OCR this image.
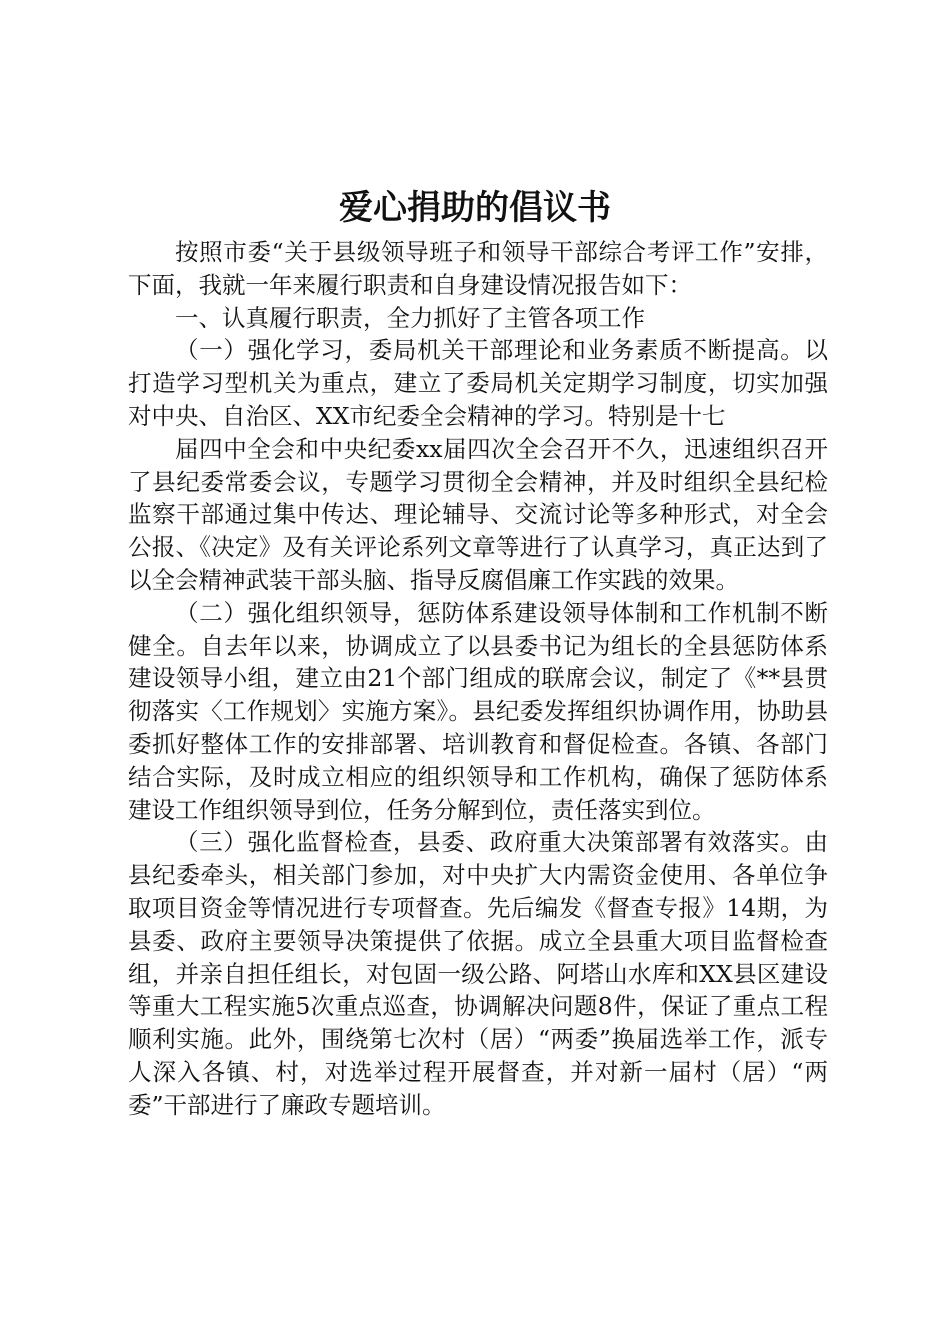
爱心捐助的倡议书

按照市委“关于县级领导班子和领导干部综合考评工作”安排，下面，我就一年来履行职责和自身建设情况报告如下：

一、认真履行职责，全力抓好了主管各项工作

（一）强化学习，委局机关干部理论和业务素质不断提高。以打造学习型机关为重点，建立了委局机关定期学习制度，切实加强对中央、自治区、XX市纪委全会精神的学习。特别是十七

届四中全会和中央纪委xx届四次全会召开不久，迅速组织召开了县纪委常委会议，专题学习贯彻全会精神，并及时组织全县纪检监察干部通过集中传达、理论辅导、交流讨论等多种形式，对全会公报、《决定》及有关评论系列文章等进行了认真学习，真正达到了以全会精神武装干部头脑、指导反腐倡廉工作实践的效果。

（二）强化组织领导，惩防体系建设领导体制和工作机制不断健全。自去年以来，协调成立了以县委书记为组长的全县惩防体系建设领导小组，建立由21个部门组成的联席会议，制定了《**县贯彻落实〈工作规划〉实施方案》。县纪委发挥组织协调作用，协助县委抓好整体工作的安排部署、培训教育和督促检查。各镇、各部门结合实际，及时成立相应的组织领导和工作机构，确保了惩防体系建设工作组织领导到位，任务分解到位，责任落实到位。

（三）强化监督检查，县委、政府重大决策部署有效落实。由县纪委牵头，相关部门参加，对中央扩大内需资金使用、各单位争取项目资金等情况进行专项督查。先后编发《督查专报》14期，为县委、政府主要领导决策提供了依据。成立全县重大项目监督检查组，并亲自担任组长，对包固一级公路、阿塔山水库和XX县区建设等重大工程实施5次重点巡查，协调解决问题8件，保证了重点工程顺利实施。此外，围绕第七次村（居）“两委”换届选举工作，派专人深入各镇、村，对选举过程开展督查，并对新一届村（居）“两委”干部进行了廉政专题培训。
